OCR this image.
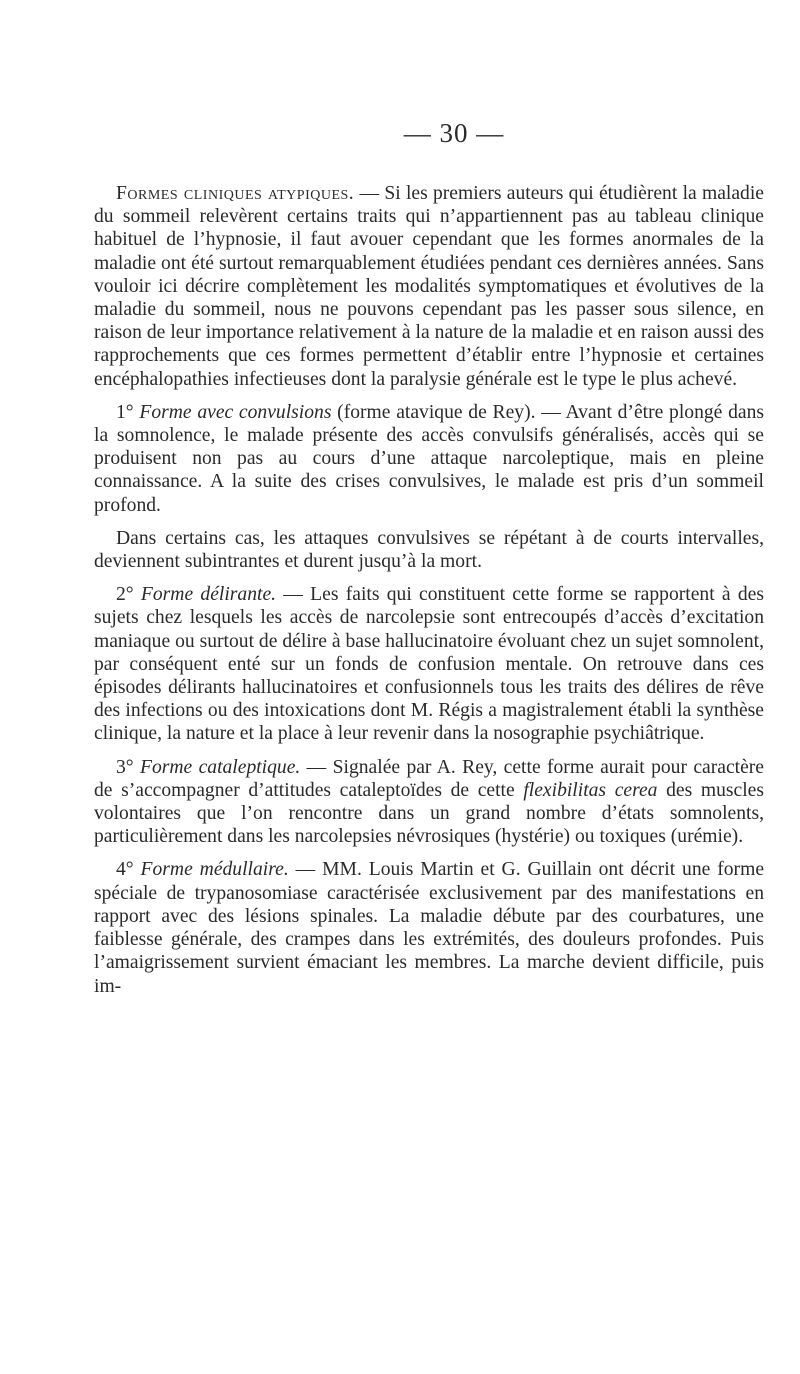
— 30 —

Formes cliniques atypiques. — Si les premiers auteurs qui étudièrent la maladie du sommeil relevèrent certains traits qui n’appartiennent pas au tableau clinique habituel de l’hypnosie, il faut avouer cependant que les formes anormales de la maladie ont été surtout remarquablement étudiées pendant ces dernières années. Sans vouloir ici décrire complètement les modalités symptomatiques et évolutives de la maladie du sommeil, nous ne pouvons cependant pas les passer sous silence, en raison de leur importance relativement à la nature de la maladie et en raison aussi des rapprochements que ces formes permettent d’établir entre l’hypnosie et certaines encéphalopathies infectieuses dont la paralysie générale est le type le plus achevé.

1° Forme avec convulsions (forme atavique de Rey). — Avant d’être plongé dans la somnolence, le malade présente des accès convulsifs généralisés, accès qui se produisent non pas au cours d’une attaque narcoleptique, mais en pleine connaissance. A la suite des crises convulsives, le malade est pris d’un sommeil profond.

Dans certains cas, les attaques convulsives se répétant à de courts intervalles, deviennent subintrantes et durent jusqu’à la mort.

2° Forme délirante. — Les faits qui constituent cette forme se rapportent à des sujets chez lesquels les accès de narcolepsie sont entrecoupés d’accès d’excitation maniaque ou surtout de délire à base hallucinatoire évoluant chez un sujet somnolent, par conséquent enté sur un fonds de confusion mentale. On retrouve dans ces épisodes délirants hallucinatoires et confusionnels tous les traits des délires de rêve des infections ou des intoxications dont M. Régis a magistralement établi la synthèse clinique, la nature et la place à leur revenir dans la nosographie psychiâtrique.

3° Forme cataleptique. — Signalée par A. Rey, cette forme aurait pour caractère de s’accompagner d’attitudes cataleptoïdes de cette flexibilitas cerea des muscles volontaires que l’on rencontre dans un grand nombre d’états somnolents, particulièrement dans les narcolepsies névrosiques (hystérie) ou toxiques (urémie).

4° Forme médullaire. — MM. Louis Martin et G. Guillain ont décrit une forme spéciale de trypanosomiase caractérisée exclusivement par des manifestations en rapport avec des lésions spinales. La maladie débute par des courbatures, une faiblesse générale, des crampes dans les extrémités, des douleurs profondes. Puis l’amaigrissement survient émaciant les membres. La marche devient difficile, puis im-
